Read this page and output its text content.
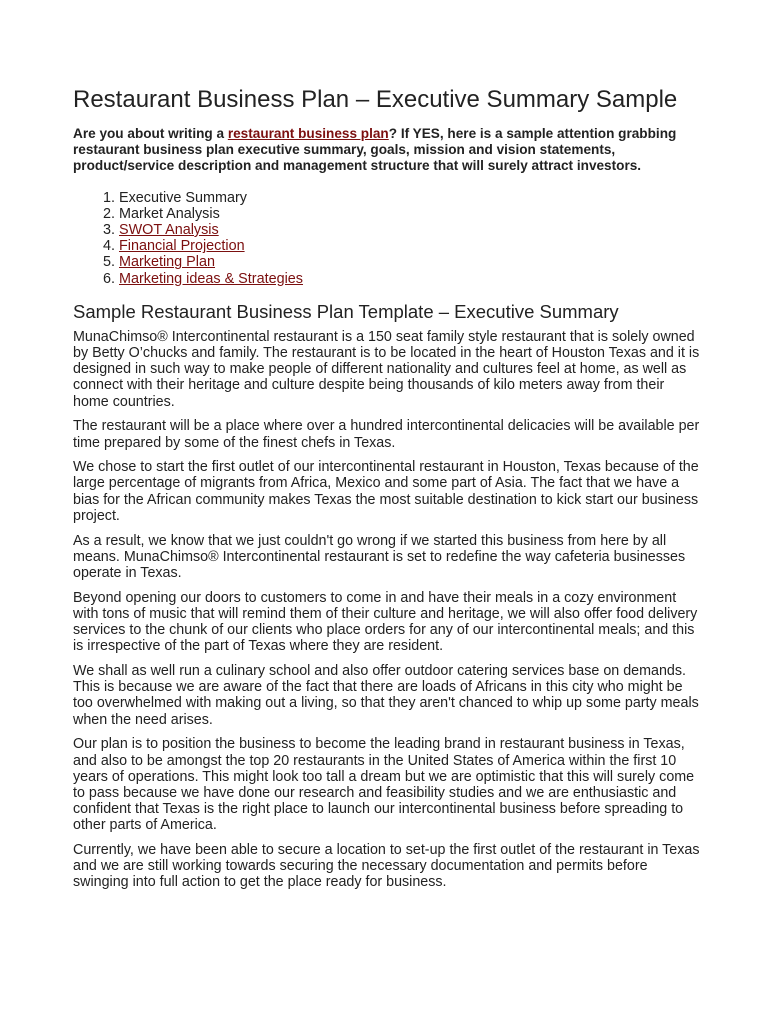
Restaurant Business Plan – Executive Summary Sample

Are you about writing a restaurant business plan? If YES, here is a sample attention grabbing restaurant business plan executive summary, goals, mission and vision statements, product/service description and management structure that will surely attract investors.

1. Executive Summary
2. Market Analysis
3. SWOT Analysis
4. Financial Projection
5. Marketing Plan
6. Marketing ideas & Strategies
Sample Restaurant Business Plan Template – Executive Summary

MunaChimso® Intercontinental restaurant is a 150 seat family style restaurant that is solely owned by Betty O’chucks and family. The restaurant is to be located in the heart of Houston Texas and it is designed in such way to make people of different nationality and cultures feel at home, as well as connect with their heritage and culture despite being thousands of kilo meters away from their home countries.

The restaurant will be a place where over a hundred intercontinental delicacies will be available per time prepared by some of the finest chefs in Texas.

We chose to start the first outlet of our intercontinental restaurant in Houston, Texas because of the large percentage of migrants from Africa, Mexico and some part of Asia. The fact that we have a bias for the African community makes Texas the most suitable destination to kick start our business project.

As a result, we know that we just couldn't go wrong if we started this business from here by all means. MunaChimso® Intercontinental restaurant is set to redefine the way cafeteria businesses operate in Texas.

Beyond opening our doors to customers to come in and have their meals in a cozy environment with tons of music that will remind them of their culture and heritage, we will also offer food delivery services to the chunk of our clients who place orders for any of our intercontinental meals; and this is irrespective of the part of Texas where they are resident.

We shall as well run a culinary school and also offer outdoor catering services base on demands. This is because we are aware of the fact that there are loads of Africans in this city who might be too overwhelmed with making out a living, so that they aren't chanced to whip up some party meals when the need arises.

Our plan is to position the business to become the leading brand in restaurant business in Texas, and also to be amongst the top 20 restaurants in the United States of America within the first 10 years of operations. This might look too tall a dream but we are optimistic that this will surely come to pass because we have done our research and feasibility studies and we are enthusiastic and confident that Texas is the right place to launch our intercontinental business before spreading to other parts of America.

Currently, we have been able to secure a location to set-up the first outlet of the restaurant in Texas and we are still working towards securing the necessary documentation and permits before swinging into full action to get the place ready for business.
